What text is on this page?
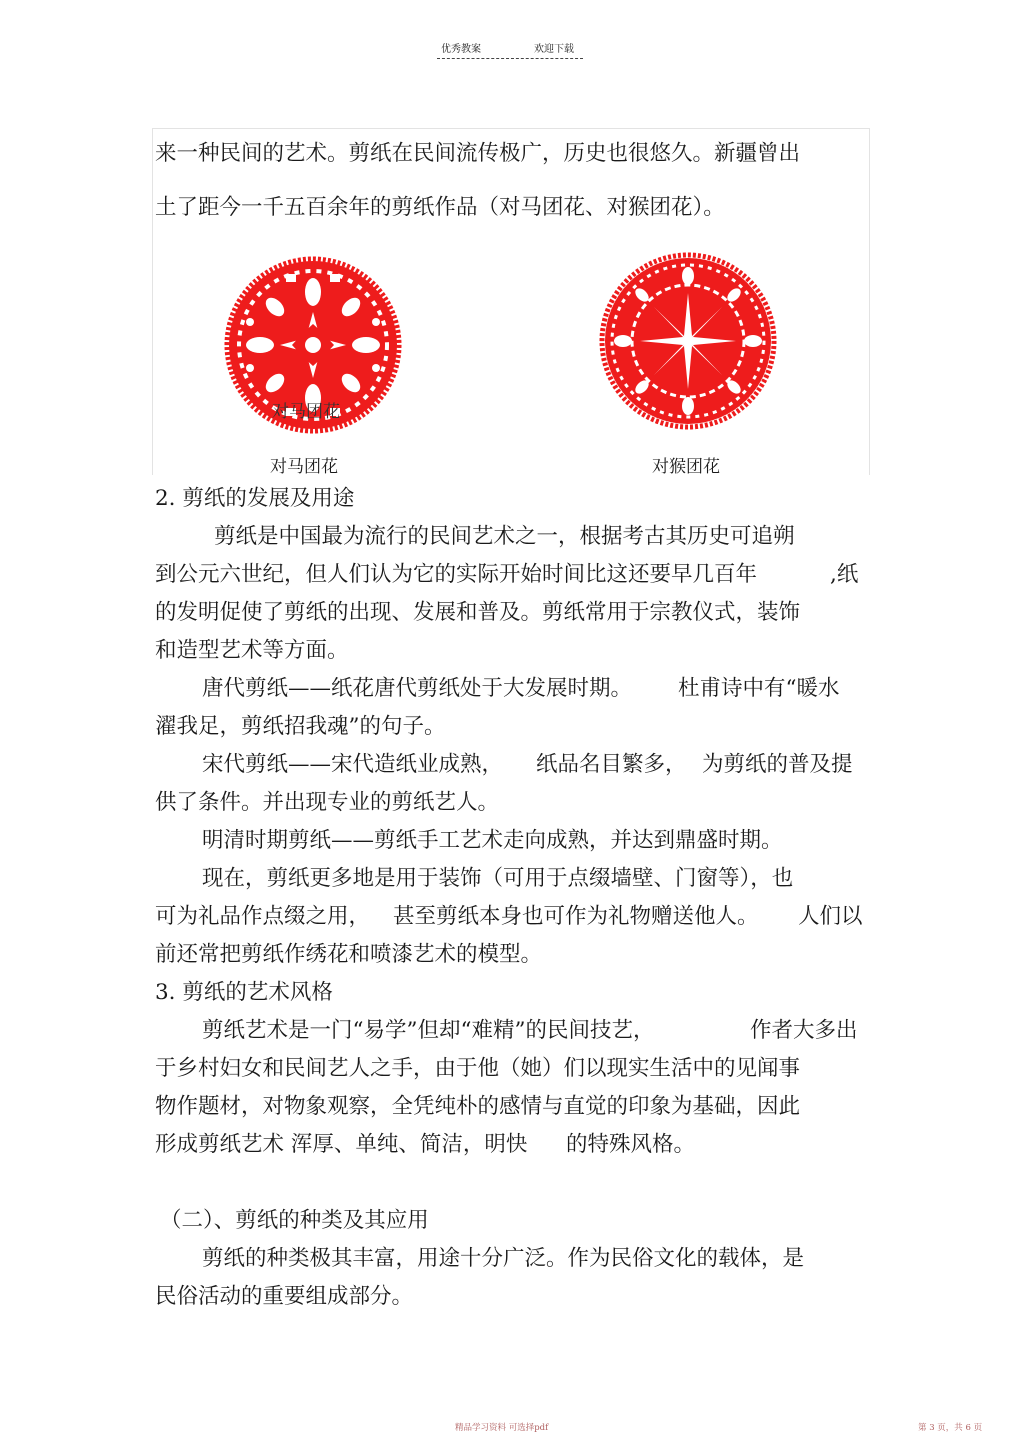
优秀教案	欢迎下载
来一种民间的艺术。剪纸在民间流传极广，历史也很悠久。新疆曾出
土了距今一千五百余年的剪纸作品（对马团花、对猴团花）。
对马团花
对马团花	对猴团花
2. 剪纸的发展及用途
剪纸是中国最为流行的民间艺术之一，根据考古其历史可追朔
到公元六世纪，但人们认为它的实际开始时间比这还要早几百年	,纸
的发明促使了剪纸的出现、发展和普及。剪纸常用于宗教仪式，装饰
和造型艺术等方面。
唐代剪纸——纸花唐代剪纸处于大发展时期。 杜甫诗中有“暖水
濯我足，剪纸招我魂”的句子。
宋代剪纸——宋代造纸业成熟， 纸品名目繁多， 为剪纸的普及提
供了条件。并出现专业的剪纸艺人。
明清时期剪纸——剪纸手工艺术走向成熟，并达到鼎盛时期。
现在，剪纸更多地是用于装饰（可用于点缀墙壁、门窗等），也
可为礼品作点缀之用， 甚至剪纸本身也可作为礼物赠送他人。 人们以
前还常把剪纸作绣花和喷漆艺术的模型。
3. 剪纸的艺术风格
剪纸艺术是一门“易学”但却“难精”的民间技艺，	作者大多出
于乡村妇女和民间艺人之手，由于他（她）们以现实生活中的见闻事
物作题材，对物象观察，全凭纯朴的感情与直觉的印象为基础，因此
形成剪纸艺术 浑厚、单纯、简洁，明快 的特殊风格。
（二）、剪纸的种类及其应用
剪纸的种类极其丰富，用途十分广泛。作为民俗文化的载体，是
民俗活动的重要组成部分。
精品学习资料 可选择pdf	第 3 页，共 6 页
